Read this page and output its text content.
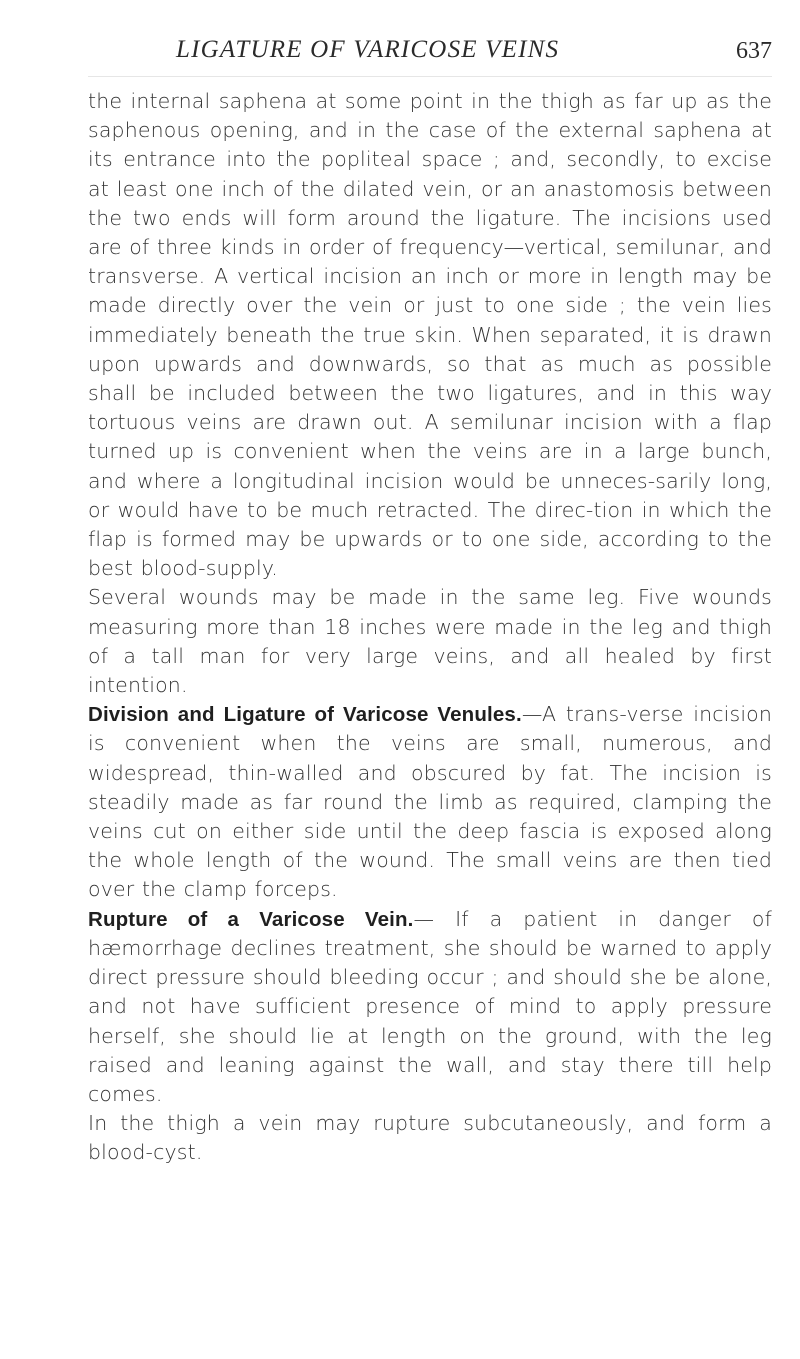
LIGATURE OF VARICOSE VEINS	637

the internal saphena at some point in the thigh as far up as the saphenous opening, and in the case of the external saphena at its entrance into the popliteal space ; and, secondly, to excise at least one inch of the dilated vein, or an anastomosis between the two ends will form around the ligature. The incisions used are of three kinds in order of frequency—vertical, semilunar, and transverse. A vertical incision an inch or more in length may be made directly over the vein or just to one side ; the vein lies immediately beneath the true skin. When separated, it is drawn upon upwards and downwards, so that as much as possible shall be included between the two ligatures, and in this way tortuous veins are drawn out. A semilunar incision with a flap turned up is convenient when the veins are in a large bunch, and where a longitudinal incision would be unneces-sarily long, or would have to be much retracted. The direc-tion in which the flap is formed may be upwards or to one side, according to the best blood-supply.

Several wounds may be made in the same leg. Five wounds measuring more than 18 inches were made in the leg and thigh of a tall man for very large veins, and all healed by first intention.

Division and Ligature of Varicose Venules.—A trans-verse incision is convenient when the veins are small, numerous, and widespread, thin-walled and obscured by fat. The incision is steadily made as far round the limb as required, clamping the veins cut on either side until the deep fascia is exposed along the whole length of the wound. The small veins are then tied over the clamp forceps.

Rupture of a Varicose Vein.— If a patient in danger of hæmorrhage declines treatment, she should be warned to apply direct pressure should bleeding occur ; and should she be alone, and not have sufficient presence of mind to apply pressure herself, she should lie at length on the ground, with the leg raised and leaning against the wall, and stay there till help comes.

In the thigh a vein may rupture subcutaneously, and form a blood-cyst.
